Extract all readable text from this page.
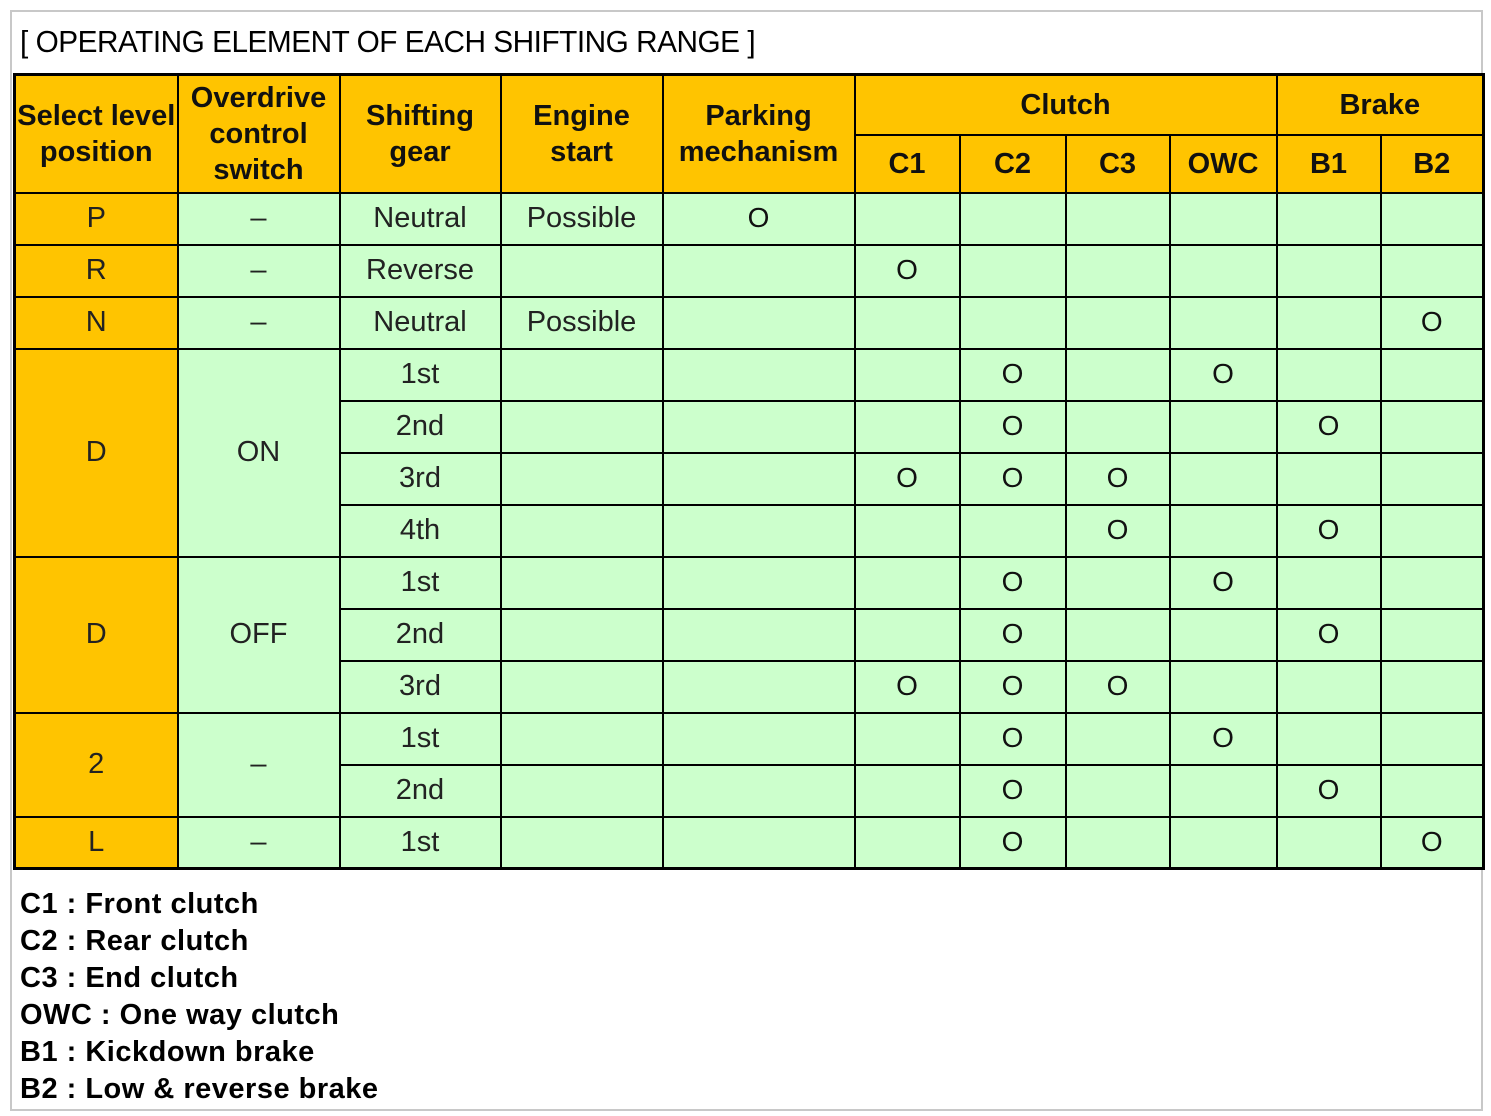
[ OPERATING ELEMENT OF EACH SHIFTING RANGE ]
Select level position	Overdrive control switch	Shifting gear	Engine start	Parking mechanism	Clutch				Brake	
					C1	C2	C3	OWC	B1	B2
P	–	Neutral	Possible	O						
R	–	Reverse			O					
N	–	Neutral	Possible							O
D	ON	1st				O		O		
		2nd				O			O	
		3rd			O	O	O			
		4th					O		O	
D	OFF	1st				O		O		
		2nd				O			O	
		3rd			O	O	O			
2	–	1st				O		O		
		2nd				O			O	
L	–	1st				O				O
C1 : Front clutch
C2 : Rear clutch
C3 : End clutch
OWC : One way clutch
B1 : Kickdown brake
B2 : Low & reverse brake
